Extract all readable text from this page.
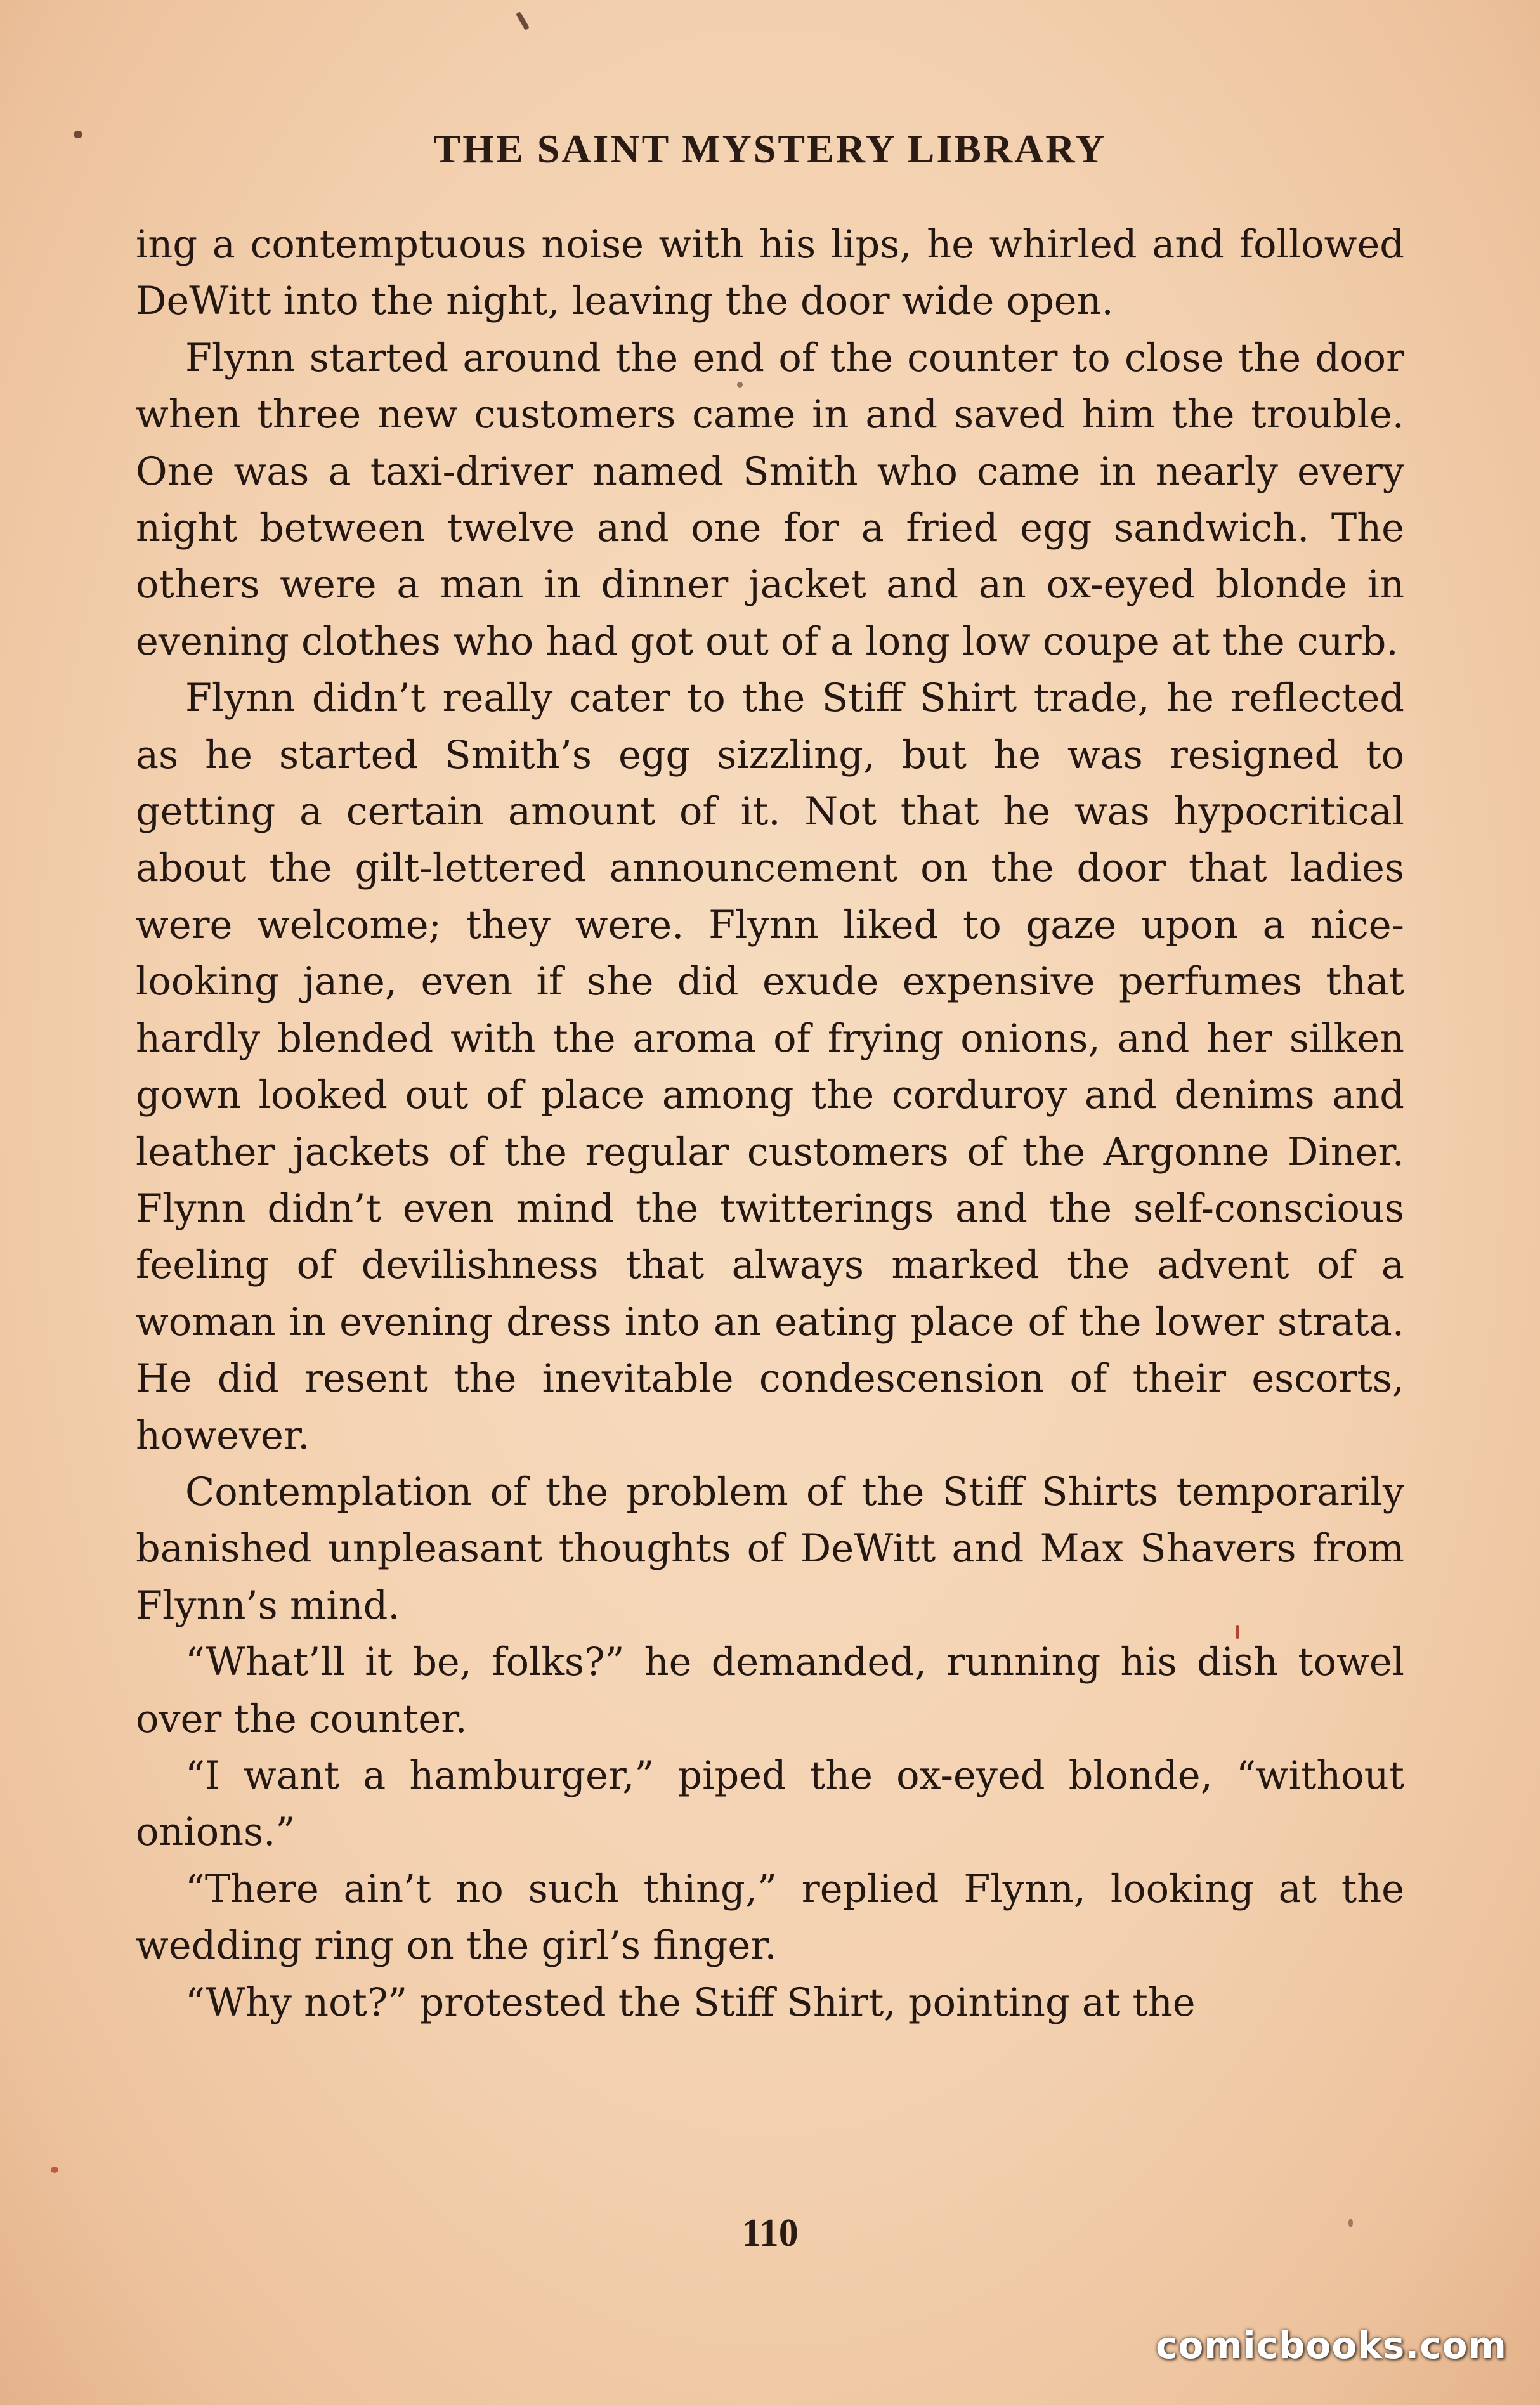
THE SAINT MYSTERY LIBRARY

ing a contemptuous noise with his lips, he whirled and followed DeWitt into the night, leaving the door wide open.

Flynn started around the end of the counter to close the door when three new customers came in and saved him the trouble. One was a taxi-driver named Smith who came in nearly every night between twelve and one for a fried egg sandwich. The others were a man in dinner jacket and an ox-eyed blonde in evening clothes who had got out of a long low coupe at the curb.

Flynn didn’t really cater to the Stiff Shirt trade, he reflected as he started Smith’s egg sizzling, but he was resigned to getting a certain amount of it. Not that he was hypocritical about the gilt-lettered announcement on the door that ladies were welcome; they were. Flynn liked to gaze upon a nice-looking jane, even if she did exude expensive perfumes that hardly blended with the aroma of frying onions, and her silken gown looked out of place among the corduroy and denims and leather jackets of the regular customers of the Argonne Diner. Flynn didn’t even mind the twitterings and the self-conscious feeling of devilishness that always marked the advent of a woman in evening dress into an eating place of the lower strata. He did resent the inevitable condescension of their escorts, however.

Contemplation of the problem of the Stiff Shirts temporarily banished unpleasant thoughts of DeWitt and Max Shavers from Flynn’s mind.

“What’ll it be, folks?” he demanded, running his dish towel over the counter.

“I want a hamburger,” piped the ox-eyed blonde, “without onions.”

“There ain’t no such thing,” replied Flynn, looking at the wedding ring on the girl’s finger.

“Why not?” protested the Stiff Shirt, pointing at the

110
comicbooks.com
